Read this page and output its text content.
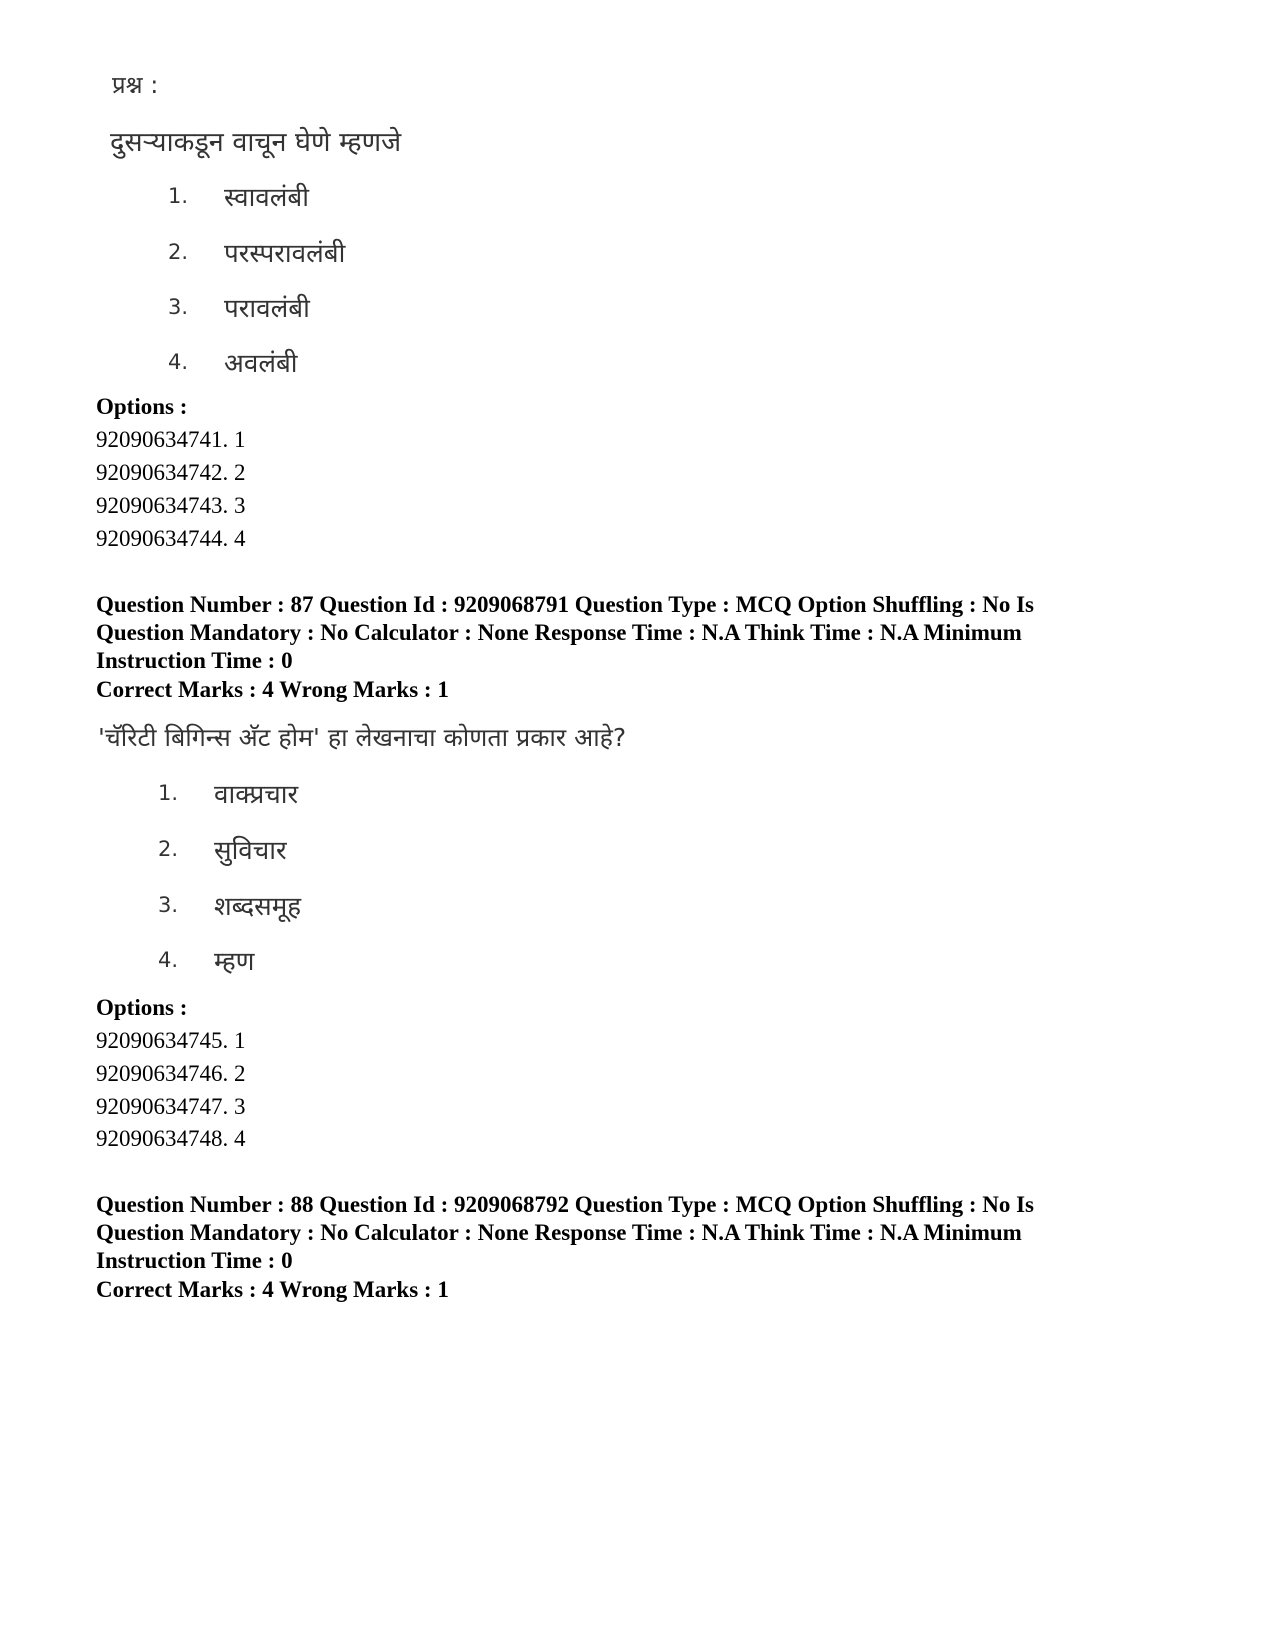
प्रश्न :
दुसऱ्याकडून वाचून घेणे म्हणजे
1. स्वावलंबी
2. परस्परावलंबी
3. परावलंबी
4. अवलंबी
Options :
92090634741. 1
92090634742. 2
92090634743. 3
92090634744. 4
Question Number : 87 Question Id : 9209068791 Question Type : MCQ Option Shuffling : No Is Question Mandatory : No Calculator : None Response Time : N.A Think Time : N.A Minimum Instruction Time : 0
Correct Marks : 4 Wrong Marks : 1
'चॅरिटी बिगिन्स अ‍ॅट होम' हा लेखनाचा कोणता प्रकार आहे?
1. वाक्प्रचार
2. सुविचार
3. शब्दसमूह
4. म्हण
Options :
92090634745. 1
92090634746. 2
92090634747. 3
92090634748. 4
Question Number : 88 Question Id : 9209068792 Question Type : MCQ Option Shuffling : No Is Question Mandatory : No Calculator : None Response Time : N.A Think Time : N.A Minimum Instruction Time : 0
Correct Marks : 4 Wrong Marks : 1
